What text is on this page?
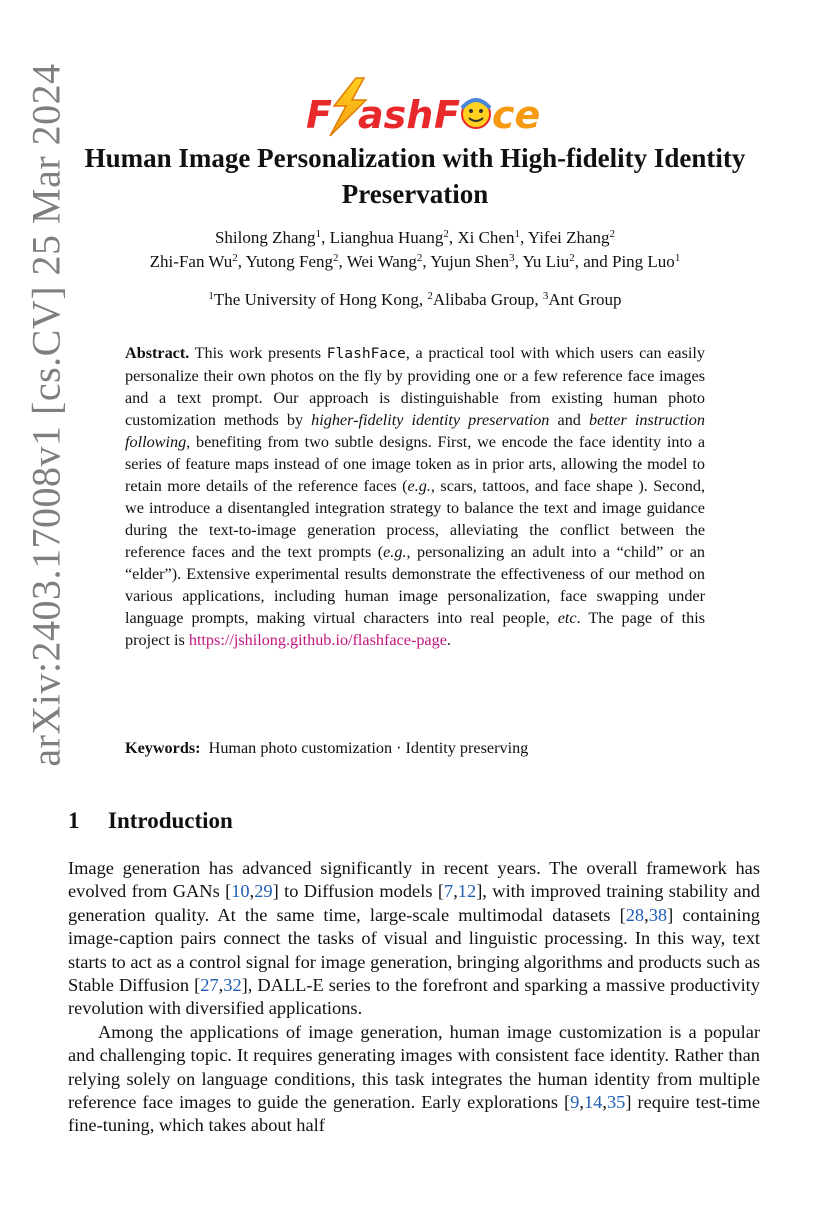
arXiv:2403.17008v1 [cs.CV] 25 Mar 2024	F ash F ce
Human Image Personalization with High-fidelity Identity Preservation
Shilong Zhang$^1$, Lianghua Huang$^2$, Xi Chen$^1$, Yifei Zhang$^2$
Zhi-Fan Wu$^2$, Yutong Feng$^2$, Wei Wang$^2$, Yujun Shen$^3$, Yu Liu$^2$, and Ping Luo$^1$
$^1$The University of Hong Kong, $^2$Alibaba Group, $^3$Ant Group
Abstract. This work presents FlashFace, a practical tool with which users can easily personalize their own photos on the fly by providing one or a few reference face images and a text prompt. Our approach is distinguishable from existing human photo customization methods by higher-fidelity identity preservation and better instruction following, benefiting from two subtle designs. First, we encode the face identity into a series of feature maps instead of one image token as in prior arts, allowing the model to retain more details of the reference faces (e.g., scars, tattoos, and face shape ). Second, we introduce a disentangled integration strategy to balance the text and image guidance during the text-to-image generation process, alleviating the conflict between the reference faces and the text prompts (e.g., personalizing an adult into a “child” or an “elder”). Extensive experimental results demonstrate the effectiveness of our method on various applications, including human image personalization, face swapping under language prompts, making virtual characters into real people, etc. The page of this project is https://jshilong.github.io/flashface-page.
Keywords: Human photo customization · Identity preserving
1 Introduction

Image generation has advanced significantly in recent years. The overall framework has evolved from GANs [10,29] to Diffusion models [7,12], with improved training stability and generation quality. At the same time, large-scale multimodal datasets [28,38] containing image-caption pairs connect the tasks of visual and linguistic processing. In this way, text starts to act as a control signal for image generation, bringing algorithms and products such as Stable Diffusion [27,32], DALL-E series to the forefront and sparking a massive productivity revolution with diversified applications.

Among the applications of image generation, human image customization is a popular and challenging topic. It requires generating images with consistent face identity. Rather than relying solely on language conditions, this task integrates the human identity from multiple reference face images to guide the generation. Early explorations [9,14,35] require test-time fine-tuning, which takes about half
